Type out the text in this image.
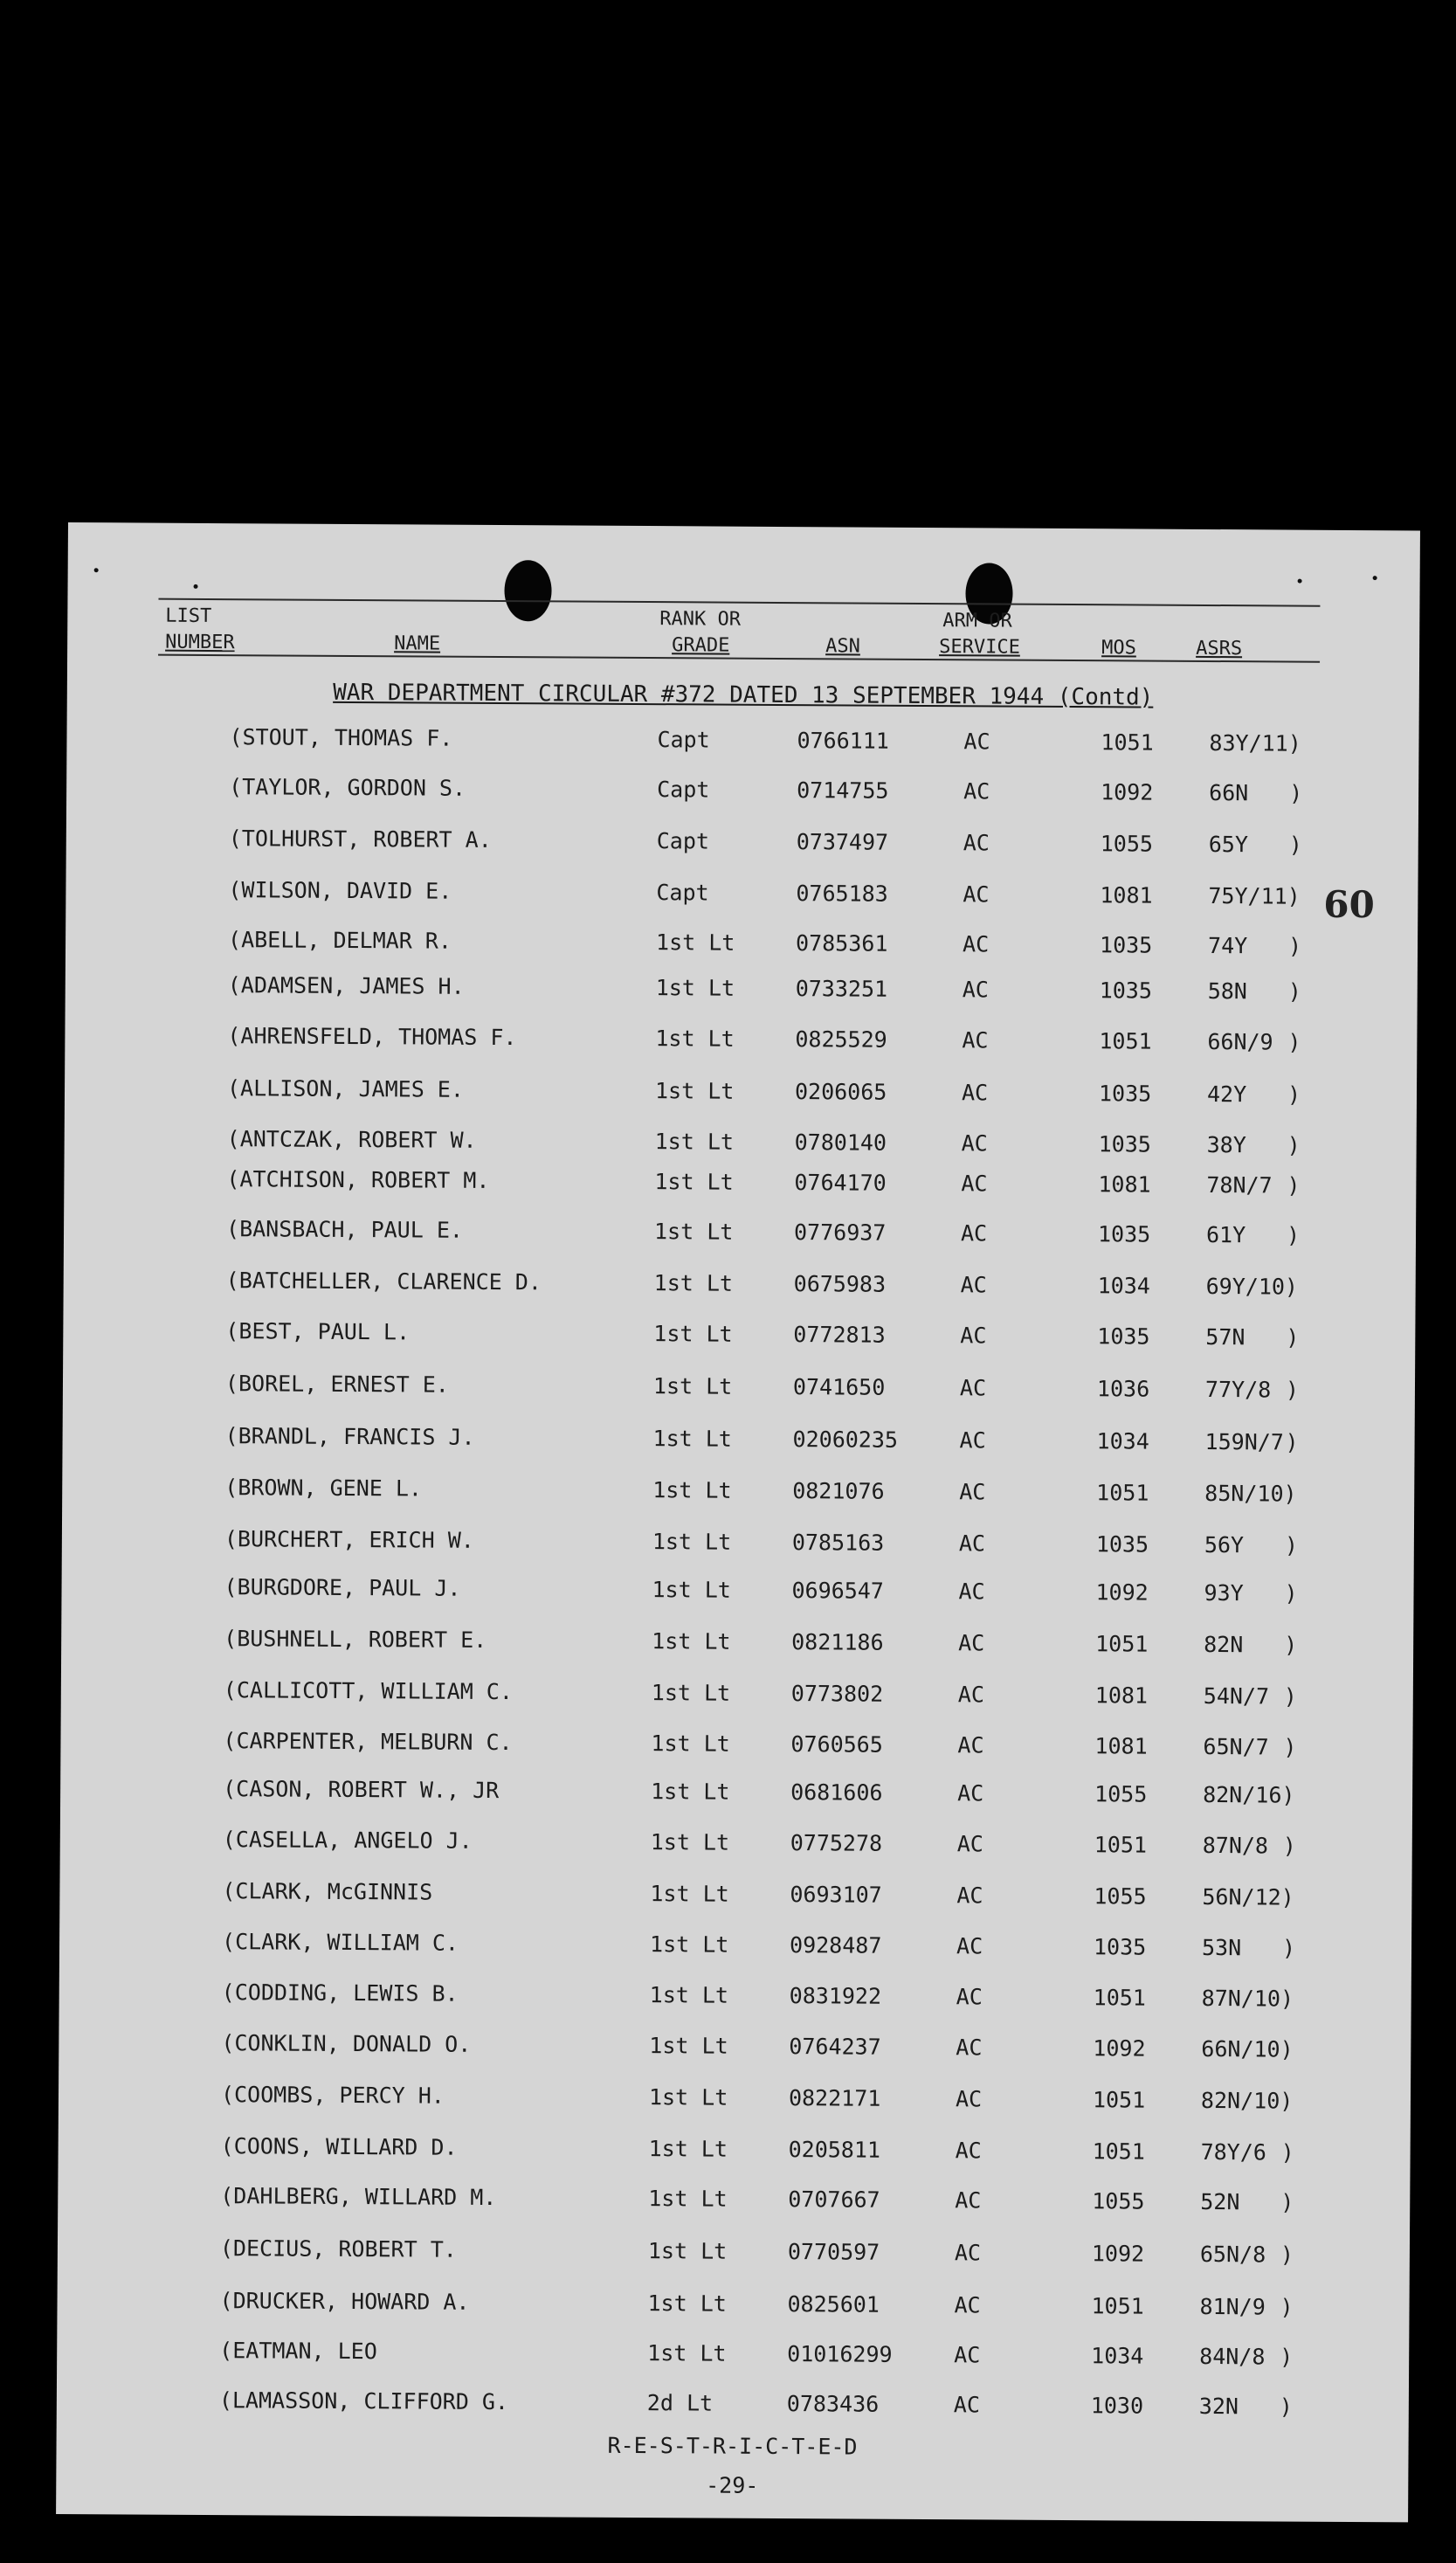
LIST
NUMBER	NAME
RANK OR
GRADE	ASN
ARM OR
SERVICE	MOS	ASRS
WAR DEPARTMENT CIRCULAR #372 DATED 13 SEPTEMBER 1944 (Contd)
(STOUT, THOMAS F.	Capt	0766111	AC	1051	83Y/11)
(TAYLOR, GORDON S.	Capt	0714755	AC	1092	66N )
(TOLHURST, ROBERT A.	Capt	0737497	AC	1055	65Y )
(WILSON, DAVID E.	Capt	0765183	AC	1081	75Y/11)
(ABELL, DELMAR R.	1st Lt	0785361	AC	1035	74Y )
(ADAMSEN, JAMES H.	1st Lt	0733251	AC	1035	58N )
(AHRENSFELD, THOMAS F.	1st Lt	0825529	AC	1051	66N/9 )
(ALLISON, JAMES E.	1st Lt	0206065	AC	1035	42Y )
(ANTCZAK, ROBERT W.	1st Lt	0780140	AC	1035	38Y )
(ATCHISON, ROBERT M.	1st Lt	0764170	AC	1081	78N/7 )
(BANSBACH, PAUL E.	1st Lt	0776937	AC	1035	61Y )
(BATCHELLER, CLARENCE D.	1st Lt	0675983	AC	1034	69Y/10)
(BEST, PAUL L.	1st Lt	0772813	AC	1035	57N )
(BOREL, ERNEST E.	1st Lt	0741650	AC	1036	77Y/8 )
(BRANDL, FRANCIS J.	1st Lt	02060235	AC	1034	159N/7 )
(BROWN, GENE L.	1st Lt	0821076	AC	1051	85N/10)
(BURCHERT, ERICH W.	1st Lt	0785163	AC	1035	56Y )
(BURGDORE, PAUL J.	1st Lt	0696547	AC	1092	93Y )
(BUSHNELL, ROBERT E.	1st Lt	0821186	AC	1051	82N )
(CALLICOTT, WILLIAM C.	1st Lt	0773802	AC	1081	54N/7 )
(CARPENTER, MELBURN C.	1st Lt	0760565	AC	1081	65N/7 )
(CASON, ROBERT W., JR	1st Lt	0681606	AC	1055	82N/16)
(CASELLA, ANGELO J.	1st Lt	0775278	AC	1051	87N/8 )
(CLARK, McGINNIS	1st Lt	0693107	AC	1055	56N/12)
(CLARK, WILLIAM C.	1st Lt	0928487	AC	1035	53N )
(CODDING, LEWIS B.	1st Lt	0831922	AC	1051	87N/10)
(CONKLIN, DONALD O.	1st Lt	0764237	AC	1092	66N/10)
(COOMBS, PERCY H.	1st Lt	0822171	AC	1051	82N/10)
(COONS, WILLARD D.	1st Lt	0205811	AC	1051	78Y/6 )
(DAHLBERG, WILLARD M.	1st Lt	0707667	AC	1055	52N )
(DECIUS, ROBERT T.	1st Lt	0770597	AC	1092	65N/8 )
(DRUCKER, HOWARD A.	1st Lt	0825601	AC	1051	81N/9 )
(EATMAN, LEO	1st Lt	01016299	AC	1034	84N/8 )
(LAMASSON, CLIFFORD G.	2d Lt	0783436	AC	1030	32N )
60
R-E-S-T-R-I-C-T-E-D
-29-
